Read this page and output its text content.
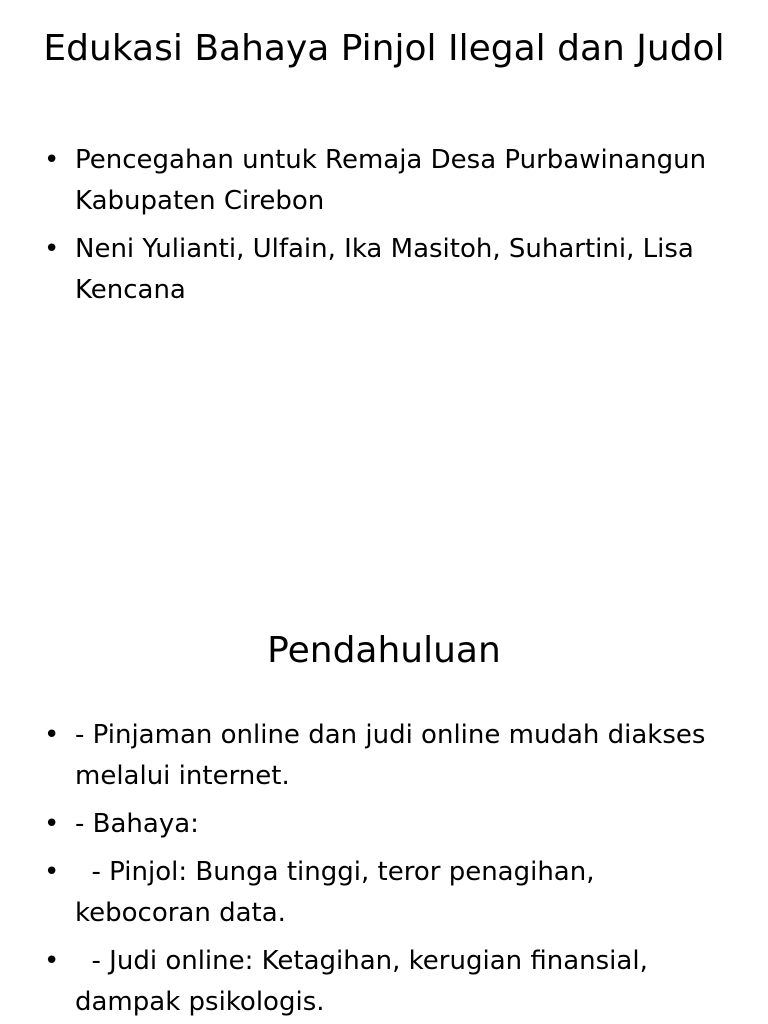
Edukasi Bahaya Pinjol Ilegal dan Judol
• Pencegahan untuk Remaja Desa Purbawinangun Kabupaten Cirebon
• Neni Yulianti, Ulfain, Ika Masitoh, Suhartini, Lisa Kencana
Pendahuluan
• - Pinjaman online dan judi online mudah diakses melalui internet.
• - Bahaya:
• - Pinjol: Bunga tinggi, teror penagihan, kebocoran data.
• - Judi online: Ketagihan, kerugian finansial, dampak psikologis.
